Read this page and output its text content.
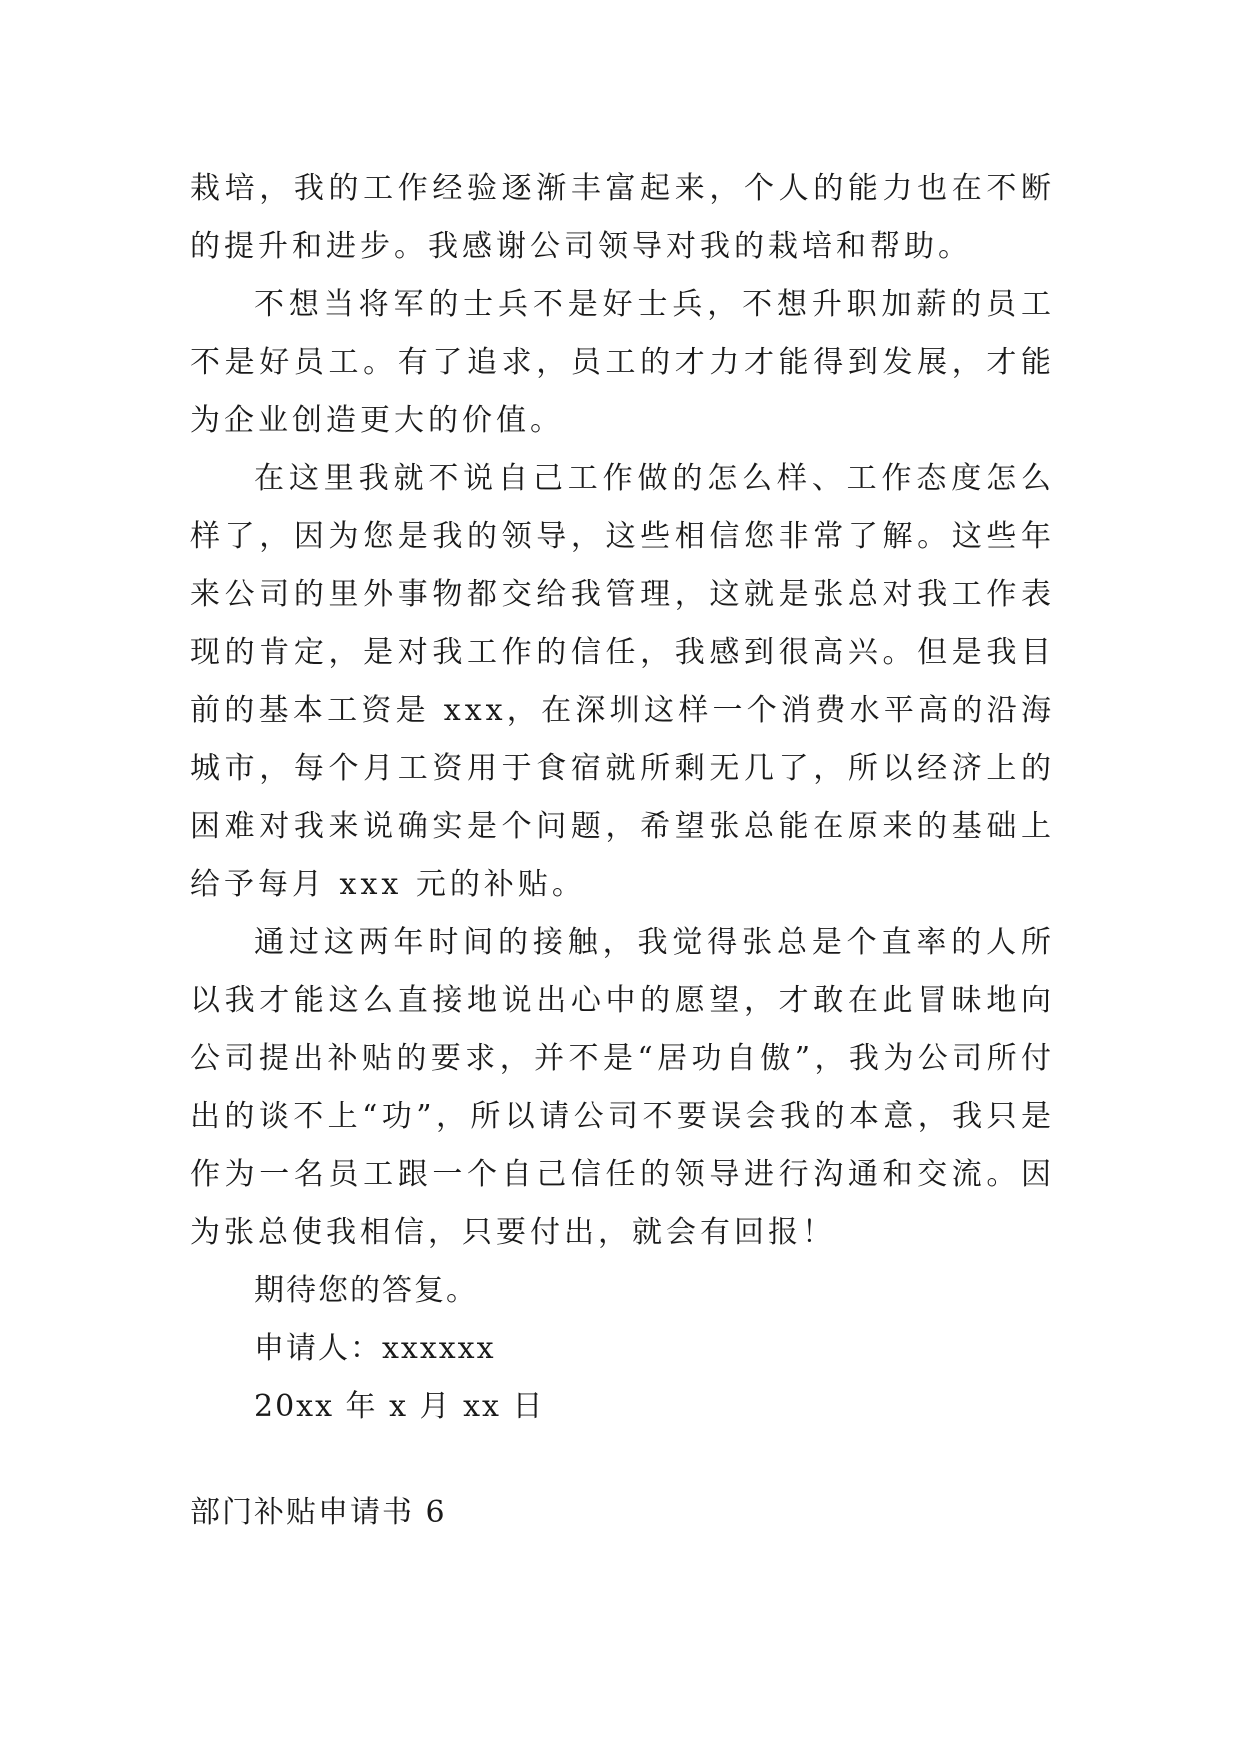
栽培，我的工作经验逐渐丰富起来，个人的能力也在不断的提升和进步。我感谢公司领导对我的栽培和帮助。

不想当将军的士兵不是好士兵，不想升职加薪的员工不是好员工。有了追求，员工的才力才能得到发展，才能为企业创造更大的价值。

在这里我就不说自己工作做的怎么样、工作态度怎么样了，因为您是我的领导，这些相信您非常了解。这些年来公司的里外事物都交给我管理，这就是张总对我工作表现的肯定，是对我工作的信任，我感到很高兴。但是我目前的基本工资是 xxx，在深圳这样一个消费水平高的沿海城市，每个月工资用于食宿就所剩无几了，所以经济上的困难对我来说确实是个问题，希望张总能在原来的基础上给予每月 xxx 元的补贴。

通过这两年时间的接触，我觉得张总是个直率的人所以我才能这么直接地说出心中的愿望，才敢在此冒昧地向公司提出补贴的要求，并不是“居功自傲”，我为公司所付出的谈不上“功”，所以请公司不要误会我的本意，我只是作为一名员工跟一个自己信任的领导进行沟通和交流。因为张总使我相信，只要付出，就会有回报！

期待您的答复。

申请人：xxxxxx

20xx 年 x 月 xx 日

部门补贴申请书 6
